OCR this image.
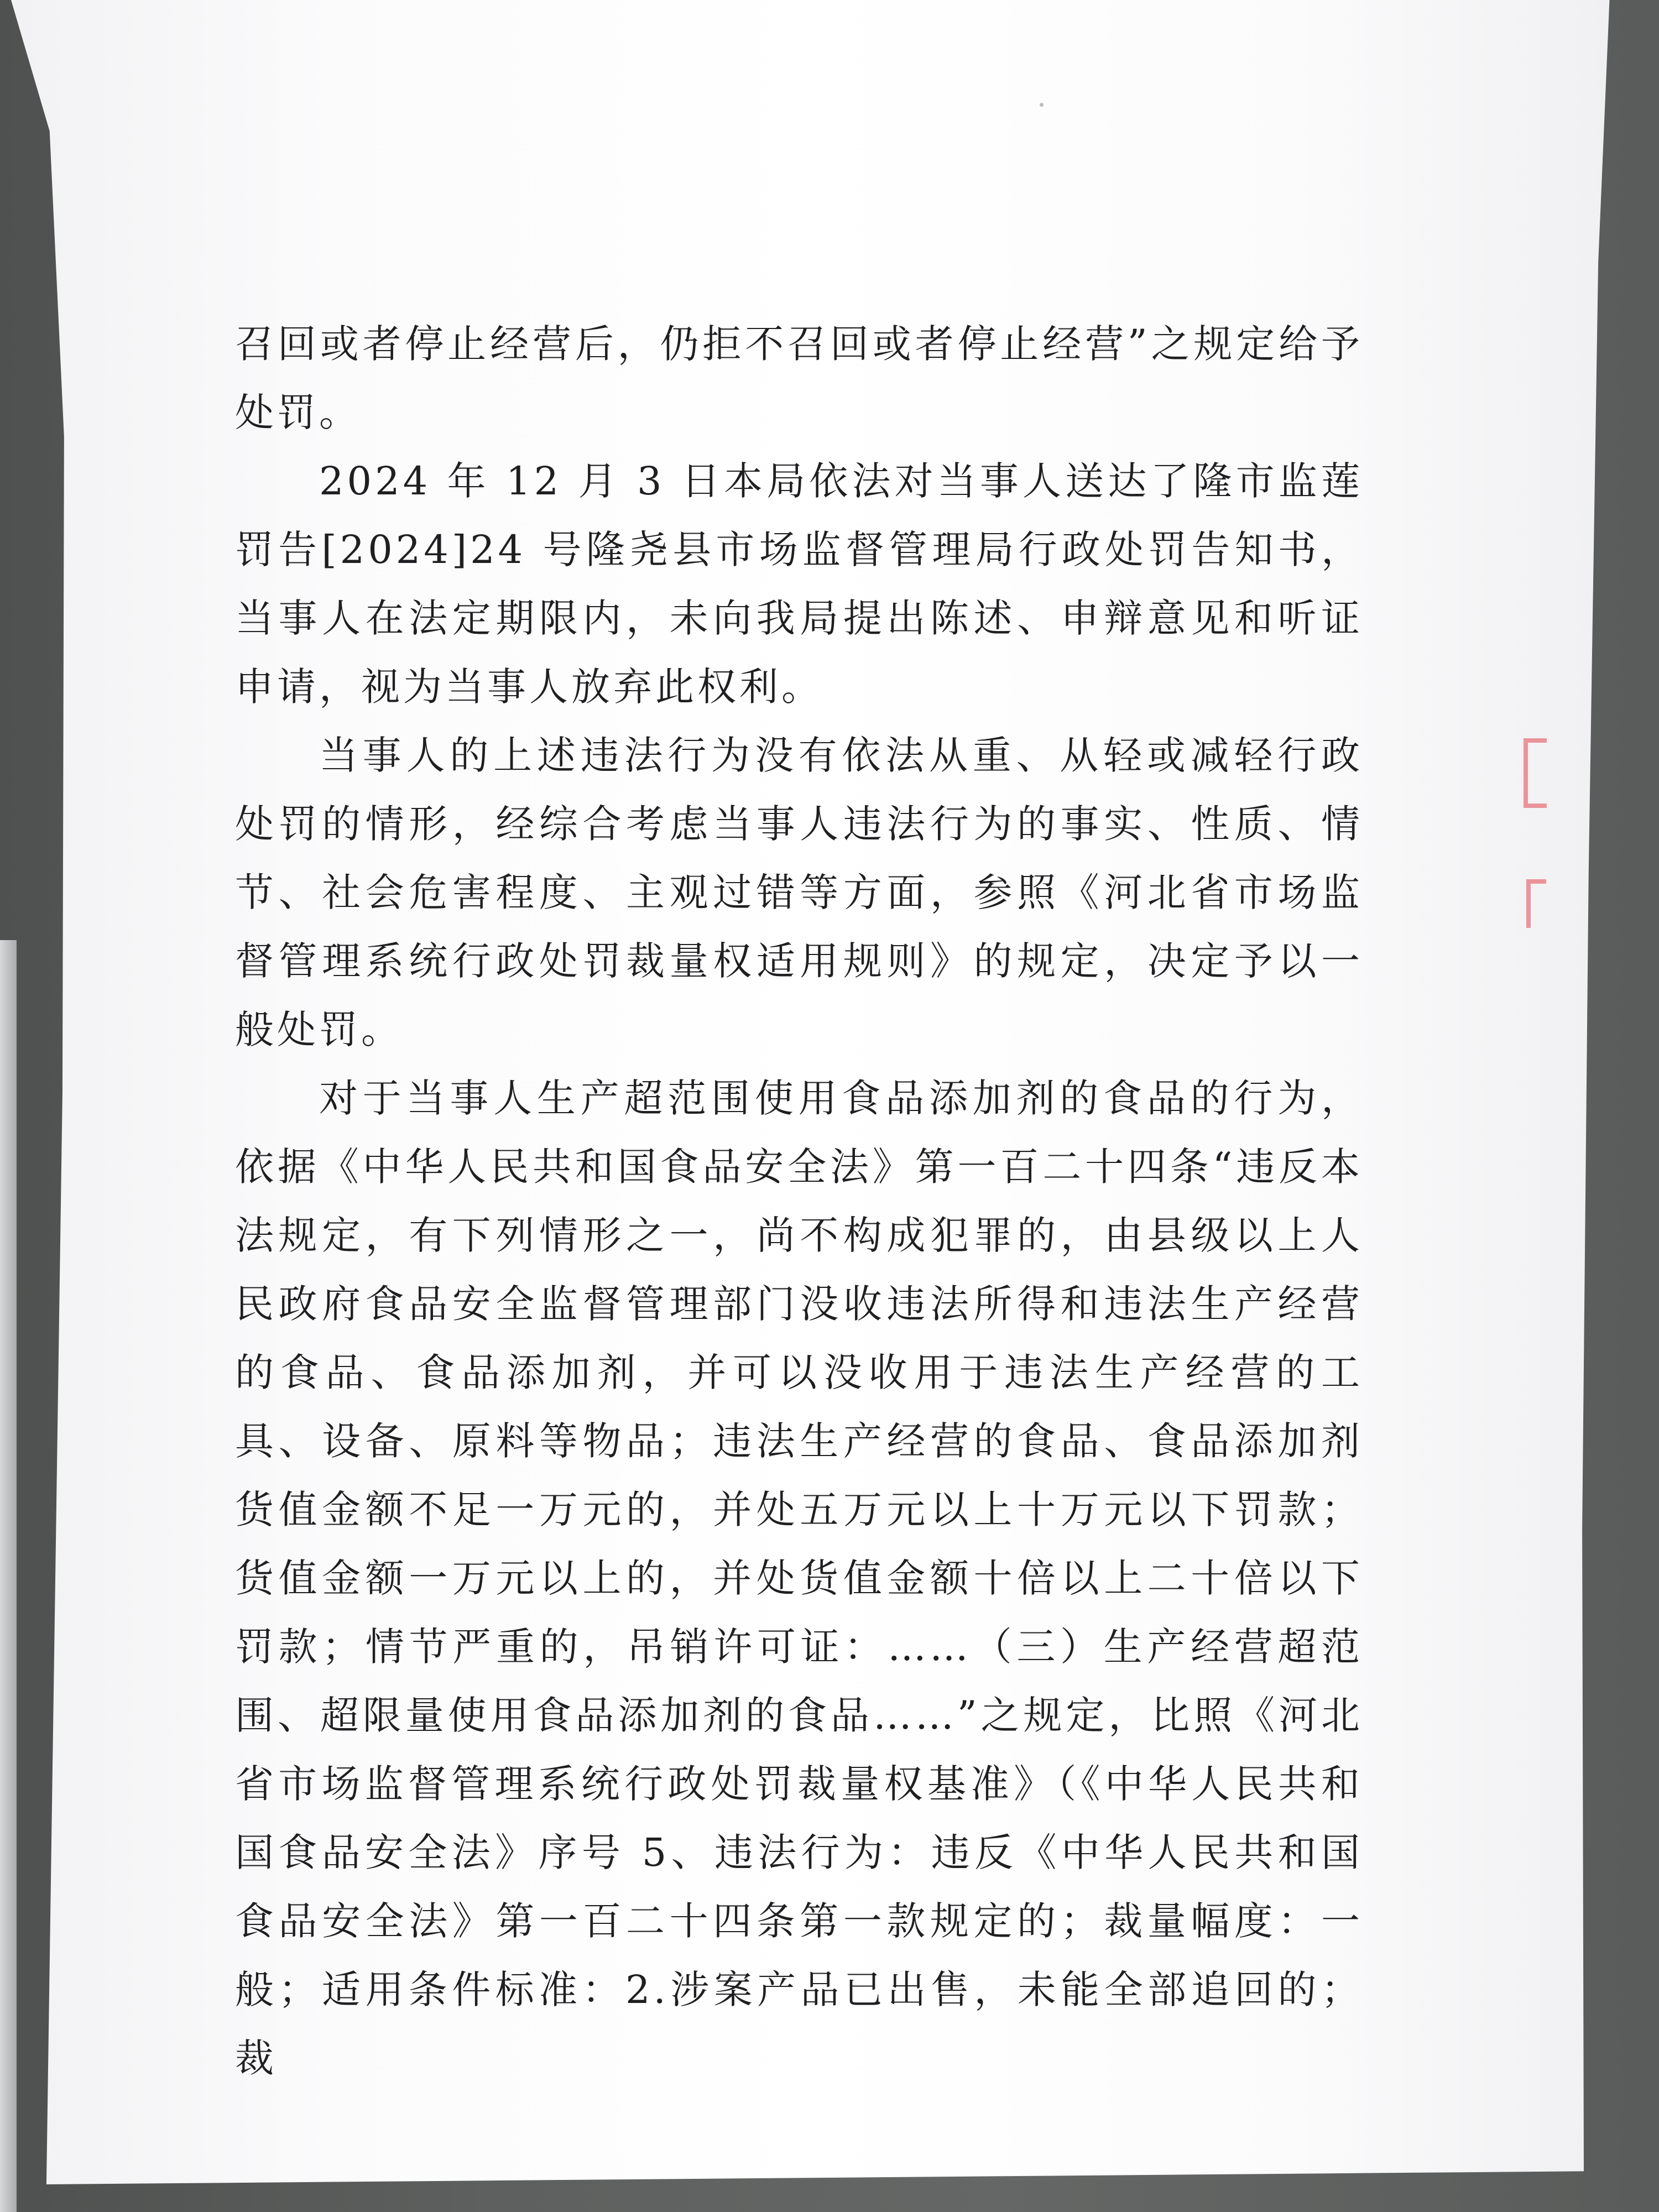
召回或者停止经营后，仍拒不召回或者停止经营”之规定给予处罚。

2024 年 12 月 3 日本局依法对当事人送达了隆市监莲罚告[2024]24 号隆尧县市场监督管理局行政处罚告知书，当事人在法定期限内，未向我局提出陈述、申辩意见和听证申请，视为当事人放弃此权利。

当事人的上述违法行为没有依法从重、从轻或减轻行政处罚的情形，经综合考虑当事人违法行为的事实、性质、情节、社会危害程度、主观过错等方面，参照《河北省市场监督管理系统行政处罚裁量权适用规则》的规定，决定予以一般处罚。

对于当事人生产超范围使用食品添加剂的食品的行为，依据《中华人民共和国食品安全法》第一百二十四条“违反本法规定，有下列情形之一，尚不构成犯罪的，由县级以上人民政府食品安全监督管理部门没收违法所得和违法生产经营的食品、食品添加剂，并可以没收用于违法生产经营的工具、设备、原料等物品；违法生产经营的食品、食品添加剂货值金额不足一万元的，并处五万元以上十万元以下罚款；货值金额一万元以上的，并处货值金额十倍以上二十倍以下罚款；情节严重的，吊销许可证：……（三）生产经营超范围、超限量使用食品添加剂的食品……”之规定，比照《河北省市场监督管理系统行政处罚裁量权基准》（《中华人民共和国食品安全法》序号 5、违法行为：违反《中华人民共和国食品安全法》第一百二十四条第一款规定的；裁量幅度：一般；适用条件标准：2.涉案产品已出售，未能全部追回的；裁
